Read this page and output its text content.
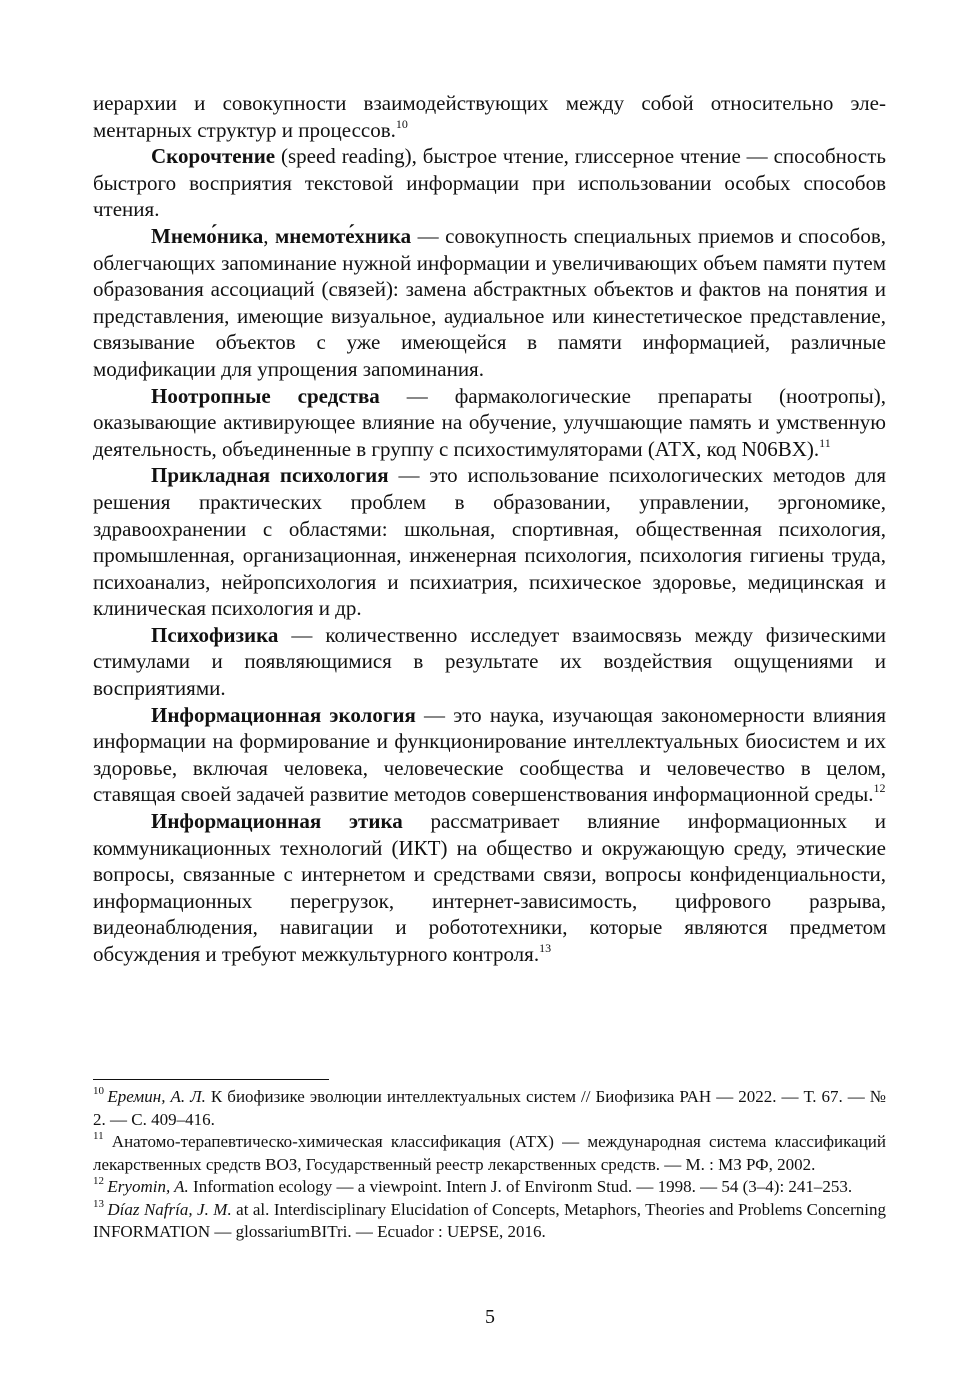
иерархии и совокупности взаимодействующих между собой относительно элементарных структур и процессов.$^{10}$

Скорочтение (speed reading), быстрое чтение, глиссерное чтение — способность быстрого восприятия текстовой информации при использовании особых способов чтения.

Мнемо́ника, мнемоте́хника — совокупность специальных приемов и способов, облегчающих запоминание нужной информации и увеличивающих объем памяти путем образования ассоциаций (связей): замена абстрактных объектов и фактов на понятия и представления, имеющие визуальное, аудиальное или кинестетическое представление, связывание объектов с уже имеющейся в памяти информацией, различные модификации для упрощения запоминания.

Ноотропные средства — фармакологические препараты (ноотропы), оказывающие активирующее влияние на обучение, улучшающие память и умственную деятельность, объединенные в группу с психостимуляторами (АТХ, код N06BX).$^{11}$

Прикладная психология — это использование психологических методов для решения практических проблем в образовании, управлении, эргономике, здравоохранении с областями: школьная, спортивная, общественная психология, промышленная, организационная, инженерная психология, психология гигиены труда, психоанализ, нейропсихология и психиатрия, психическое здоровье, медицинская и клиническая психология и др.

Психофизика — количественно исследует взаимосвязь между физическими стимулами и появляющимися в результате их воздействия ощущениями и восприятиями.

Информационная экология — это наука, изучающая закономерности влияния информации на формирование и функционирование интеллектуальных биосистем и их здоровье, включая человека, человеческие сообщества и человечество в целом, ставящая своей задачей развитие методов совершенствования информационной среды.$^{12}$

Информационная этика рассматривает влияние информационных и коммуникационных технологий (ИКТ) на общество и окружающую среду, этические вопросы, связанные с интернетом и средствами связи, вопросы конфиденциальности, информационных перегрузок, интернет-зависимость, цифрового разрыва, видеонаблюдения, навигации и робототехники, которые являются предметом обсуждения и требуют межкультурного контроля.$^{13}$

$^{10}$  Еремин, А. Л. К биофизике эволюции интеллектуальных систем // Биофизика РАН — 2022. — Т. 67. — № 2. — С. 409–416.

$^{11}$ Анатомо-терапевтическо-химическая классификация (АТХ) — международная система классификаций лекарственных средств ВОЗ, Государственный реестр лекарственных средств. — М. : МЗ РФ, 2002.

$^{12}$  Eryomin, A. Information ecology — a viewpoint. Intern J. of Environm Stud. — 1998. — 54 (3–4): 241–253.

$^{13}$  Díaz Nafría, J. M. at al. Interdisciplinary Elucidation of Concepts, Metaphors, Theories and Problems Concerning INFORMATION — glossariumBITri. — Ecuador : UEPSE, 2016.

5
